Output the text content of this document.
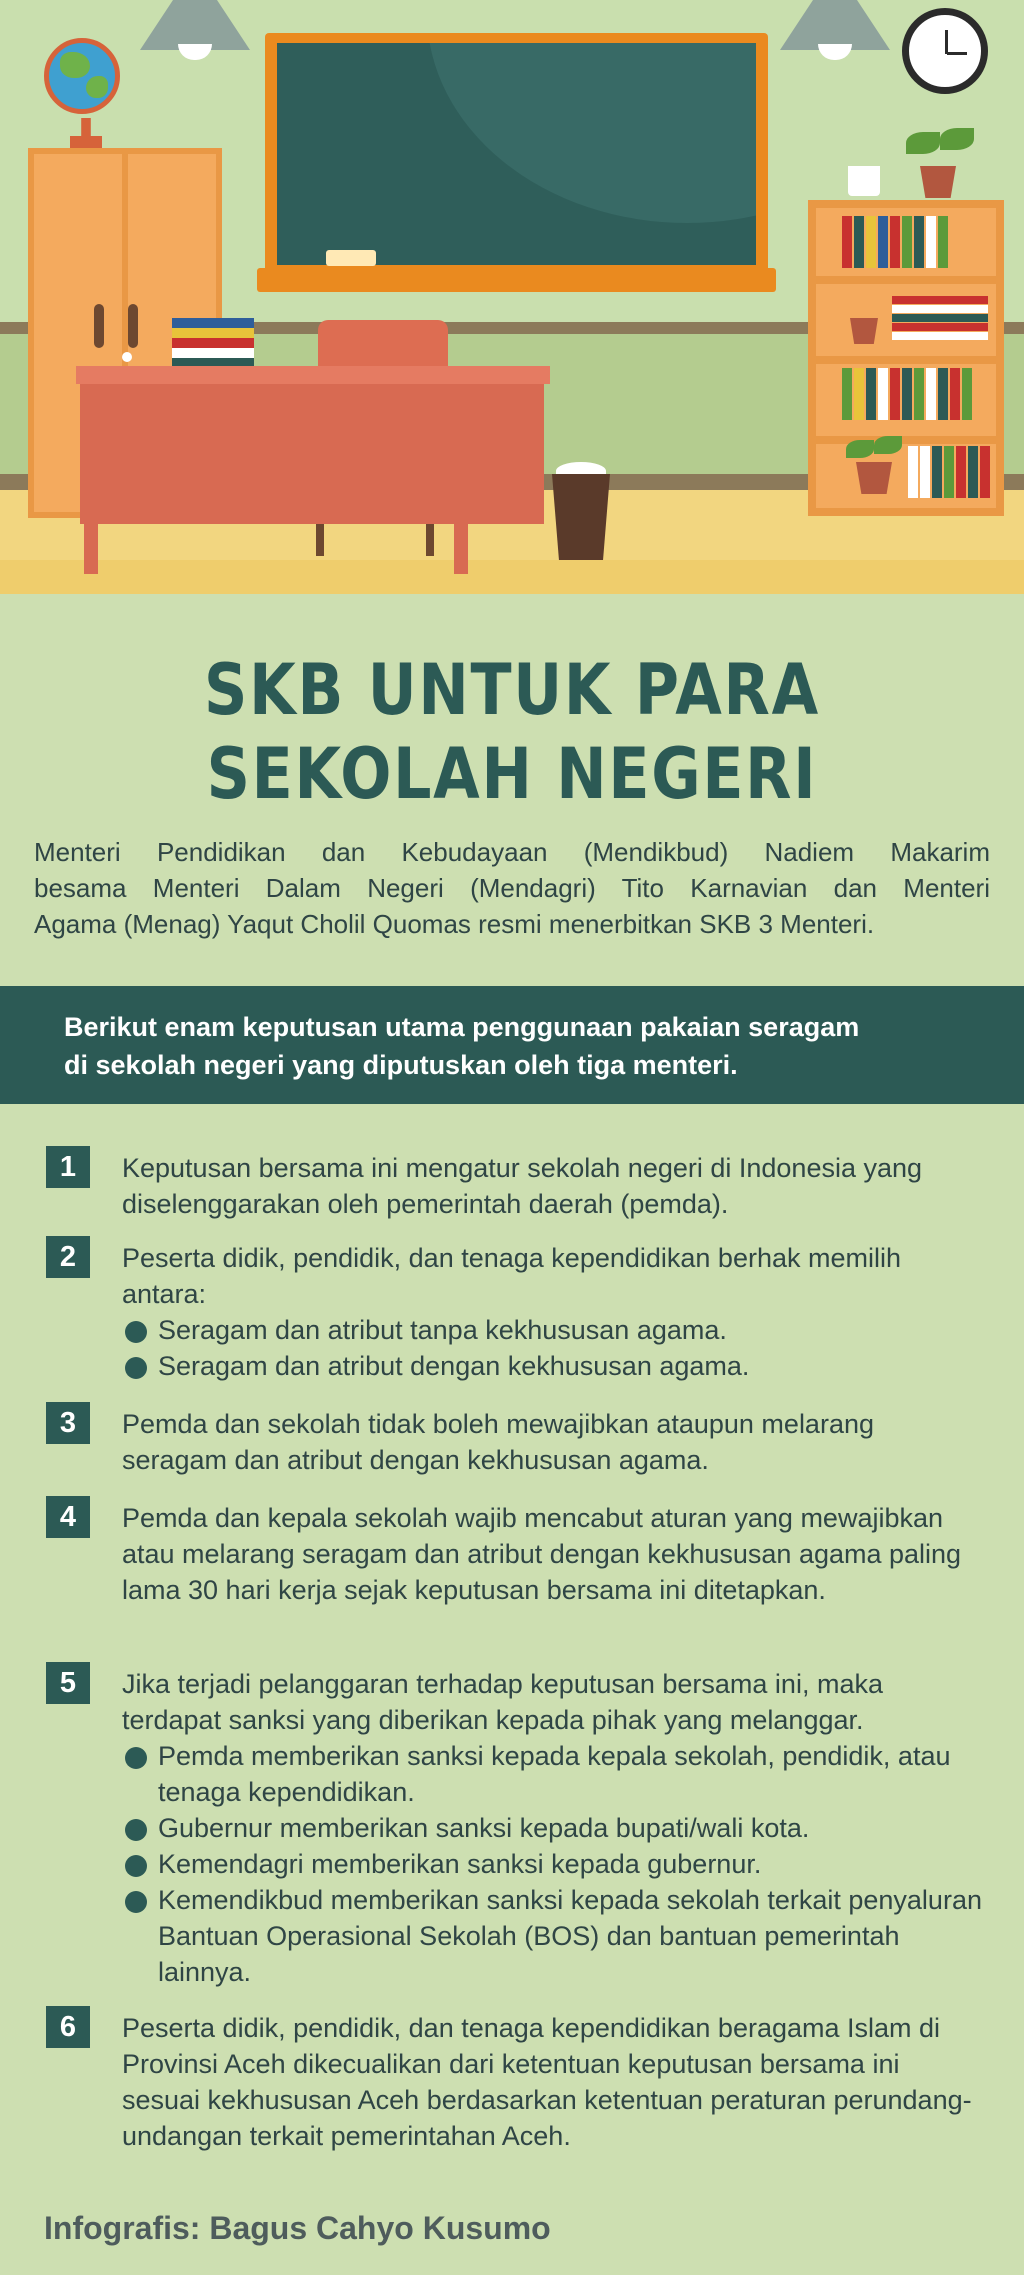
SKB UNTUK PARA
SEKOLAH NEGERI

Menteri Pendidikan dan Kebudayaan (Mendikbud) Nadiem Makarim
besama Menteri Dalam Negeri (Mendagri) Tito Karnavian dan Menteri
Agama (Menag) Yaqut Cholil Quomas resmi menerbitkan SKB 3 Menteri.

Berikut enam keputusan utama penggunaan pakaian seragam
di sekolah negeri yang diputuskan oleh tiga menteri.
1	Keputusan bersama ini mengatur sekolah negeri di Indonesia yang diselenggarakan oleh pemerintah daerah (pemda).
2	Peserta didik, pendidik, dan tenaga kependidikan berhak memilih antara:
Seragam dan atribut tanpa kekhususan agama.
Seragam dan atribut dengan kekhususan agama.
3	Pemda dan sekolah tidak boleh mewajibkan ataupun melarang seragam dan atribut dengan kekhususan agama.
4	Pemda dan kepala sekolah wajib mencabut aturan yang mewajibkan atau melarang seragam dan atribut dengan kekhususan agama paling lama 30 hari kerja sejak keputusan bersama ini ditetapkan.
5	Jika terjadi pelanggaran terhadap keputusan bersama ini, maka terdapat sanksi yang diberikan kepada pihak yang melanggar.
Pemda memberikan sanksi kepada kepala sekolah, pendidik, atau tenaga kependidikan.
Gubernur memberikan sanksi kepada bupati/wali kota.
Kemendagri memberikan sanksi kepada gubernur.
Kemendikbud memberikan sanksi kepada sekolah terkait penyaluran Bantuan Operasional Sekolah (BOS) dan bantuan pemerintah lainnya.
6	Peserta didik, pendidik, dan tenaga kependidikan beragama Islam di Provinsi Aceh dikecualikan dari ketentuan keputusan bersama ini sesuai kekhususan Aceh berdasarkan ketentuan peraturan perundang-undangan terkait pemerintahan Aceh.
Infografis: Bagus Cahyo Kusumo
